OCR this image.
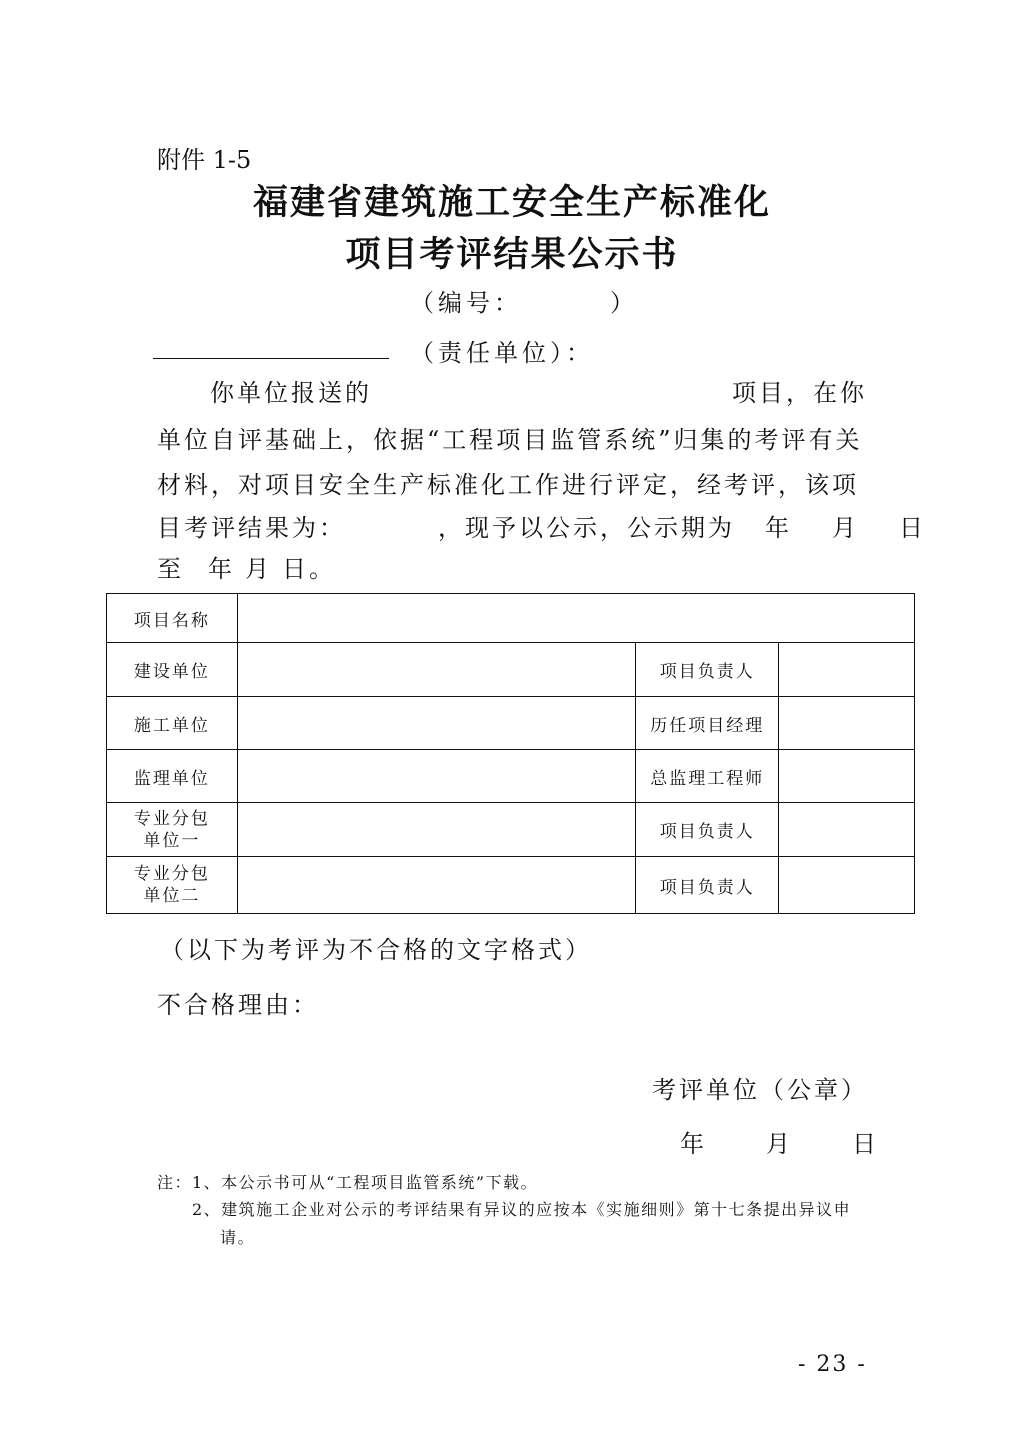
附件 1-5
福建省建筑施工安全生产标准化
项目考评结果公示书
（编号：	）
（责任单位）：
你单位报送的	项目，在你
单位自评基础上，依据“工程项目监管系统”归集的考评有关
材料，对项目安全生产标准化工作进行评定，经考评，该项
目考评结果为：	，现予以公示，公示期为 年 月 日
至 年 月 日。
项目名称			
建设单位		项目负责人	
施工单位		历任项目经理	
监理单位		总监理工程师	
专业分包
单位一		项目负责人	
专业分包
单位二		项目负责人	
（以下为考评为不合格的文字格式）
不合格理由：
考评单位（公章）
年	月	日
注：1、本公示书可从“工程项目监管系统”下载。
2、建筑施工企业对公示的考评结果有异议的应按本《实施细则》第十七条提出异议申
请。
- 23 -
